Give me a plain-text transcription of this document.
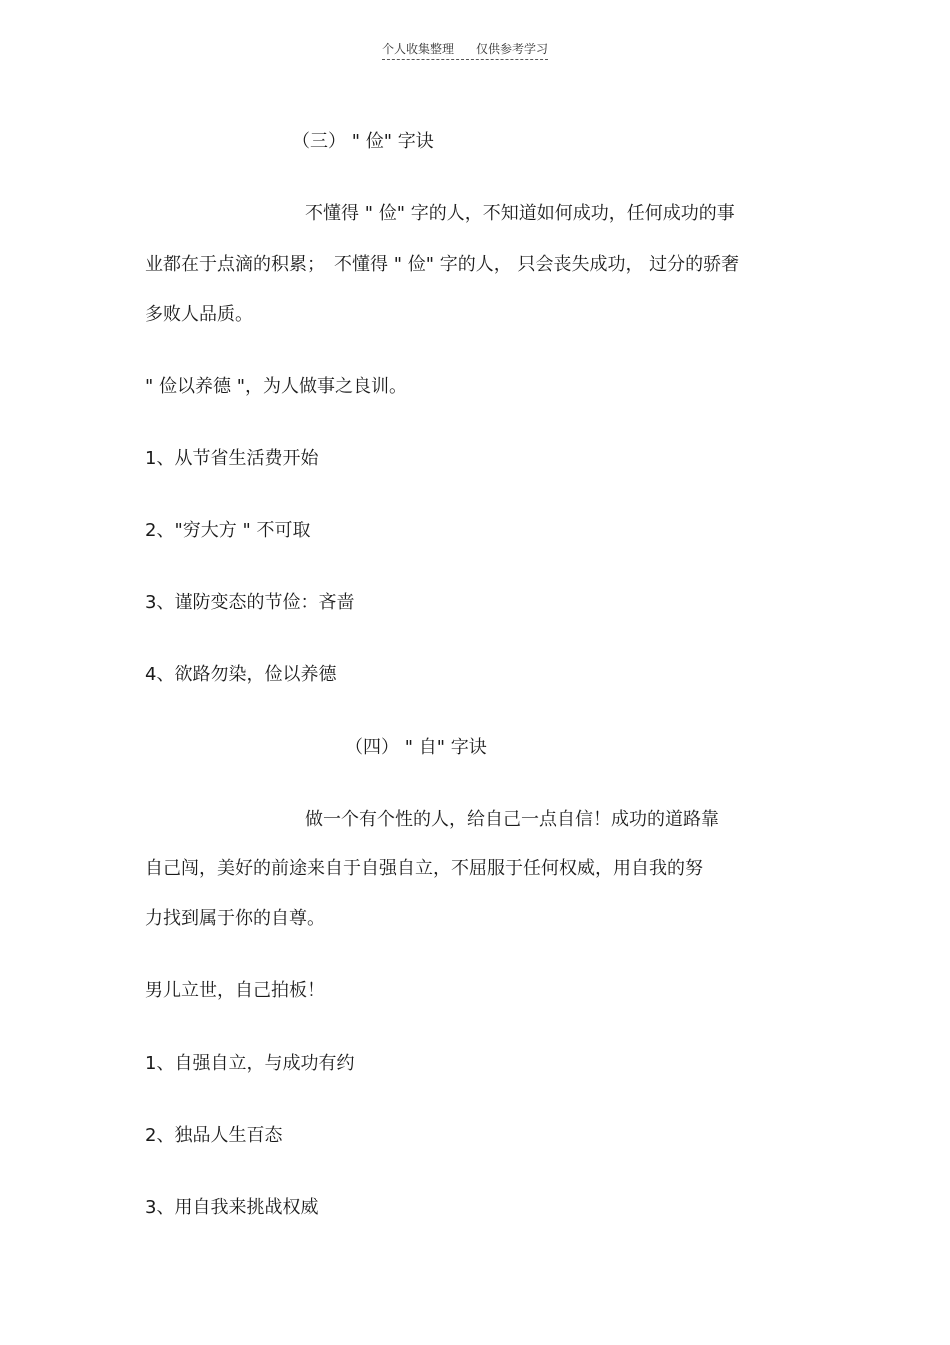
个人收集整理 仅供参考学习
（三） " 俭" 字诀
不懂得 " 俭" 字的人，不知道如何成功，任何成功的事
业都在于点滴的积累；　不懂得 " 俭" 字的人， 只会丧失成功， 过分的骄奢
多败人品质。
" 俭以养德 "，为人做事之良训。
1、从节省生活费开始
2、"穷大方 " 不可取
3、谨防变态的节俭：吝啬
4、欲路勿染，俭以养德
（四） " 自" 字诀
做一个有个性的人，给自己一点自信！成功的道路靠
自己闯，美好的前途来自于自强自立，不屈服于任何权威，用自我的努
力找到属于你的自尊。
男儿立世，自己拍板！
1、自强自立，与成功有约
2、独品人生百态
3、用自我来挑战权威
